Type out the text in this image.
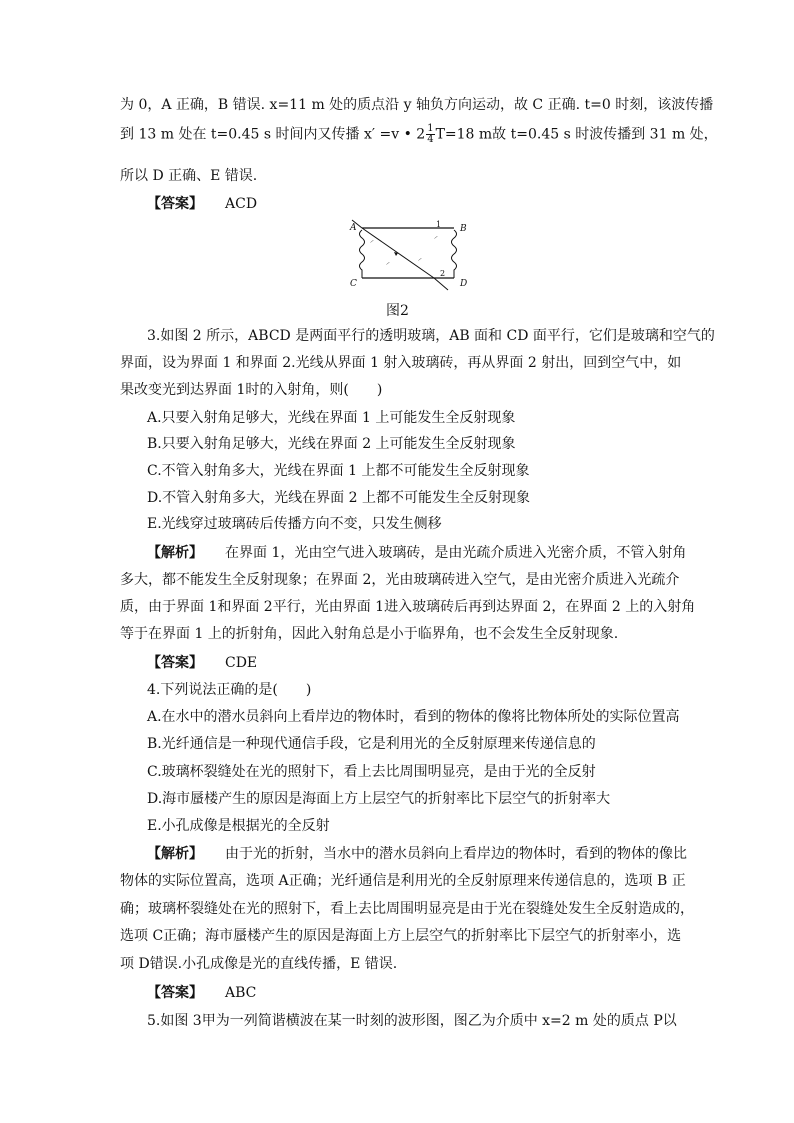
为 0，A 正确，B 错误. x=11 m 处的质点沿 y 轴负方向运动，故 C 正确. t=0 时刻，该波传播
到 13 m 处在 t=0.45 s 时间内又传播 x′ =v • $2 \frac{1}{4} T=18$ m故 t=0.45 s 时波传播到 31 m 处，
所以 D 正确、E 错误.
【答案】 ACD
⸝
⸝	⸝
⸝
A	B
C	D
1
2
图2
3.如图 2 所示，ABCD 是两面平行的透明玻璃，AB 面和 CD 面平行，它们是玻璃和空气的
界面，设为界面 1 和界面 2.光线从界面 1 射入玻璃砖，再从界面 2 射出，回到空气中，如
果改变光到达界面 1时的入射角，则(　　)
A.只要入射角足够大，光线在界面 1 上可能发生全反射现象
B.只要入射角足够大，光线在界面 2 上可能发生全反射现象
C.不管入射角多大，光线在界面 1 上都不可能发生全反射现象
D.不管入射角多大，光线在界面 2 上都不可能发生全反射现象
E.光线穿过玻璃砖后传播方向不变，只发生侧移
【解析】 在界面 1，光由空气进入玻璃砖，是由光疏介质进入光密介质，不管入射角
多大，都不能发生全反射现象；在界面 2，光由玻璃砖进入空气，是由光密介质进入光疏介
质，由于界面 1和界面 2平行，光由界面 1进入玻璃砖后再到达界面 2，在界面 2 上的入射角
等于在界面 1 上的折射角，因此入射角总是小于临界角，也不会发生全反射现象.
【答案】 CDE
4.下列说法正确的是(　　)
A.在水中的潜水员斜向上看岸边的物体时，看到的物体的像将比物体所处的实际位置高
B.光纤通信是一种现代通信手段，它是利用光的全反射原理来传递信息的
C.玻璃杯裂缝处在光的照射下，看上去比周围明显亮，是由于光的全反射
D.海市蜃楼产生的原因是海面上方上层空气的折射率比下层空气的折射率大
E.小孔成像是根据光的全反射
【解析】 由于光的折射，当水中的潜水员斜向上看岸边的物体时，看到的物体的像比
物体的实际位置高，选项 A正确；光纤通信是利用光的全反射原理来传递信息的，选项 B 正
确；玻璃杯裂缝处在光的照射下，看上去比周围明显亮是由于光在裂缝处发生全反射造成的，
选项 C正确；海市蜃楼产生的原因是海面上方上层空气的折射率比下层空气的折射率小，选
项 D错误.小孔成像是光的直线传播，E 错误.
【答案】 ABC
5.如图 3甲为一列简谐横波在某一时刻的波形图，图乙为介质中 x=2 m 处的质点 P以
